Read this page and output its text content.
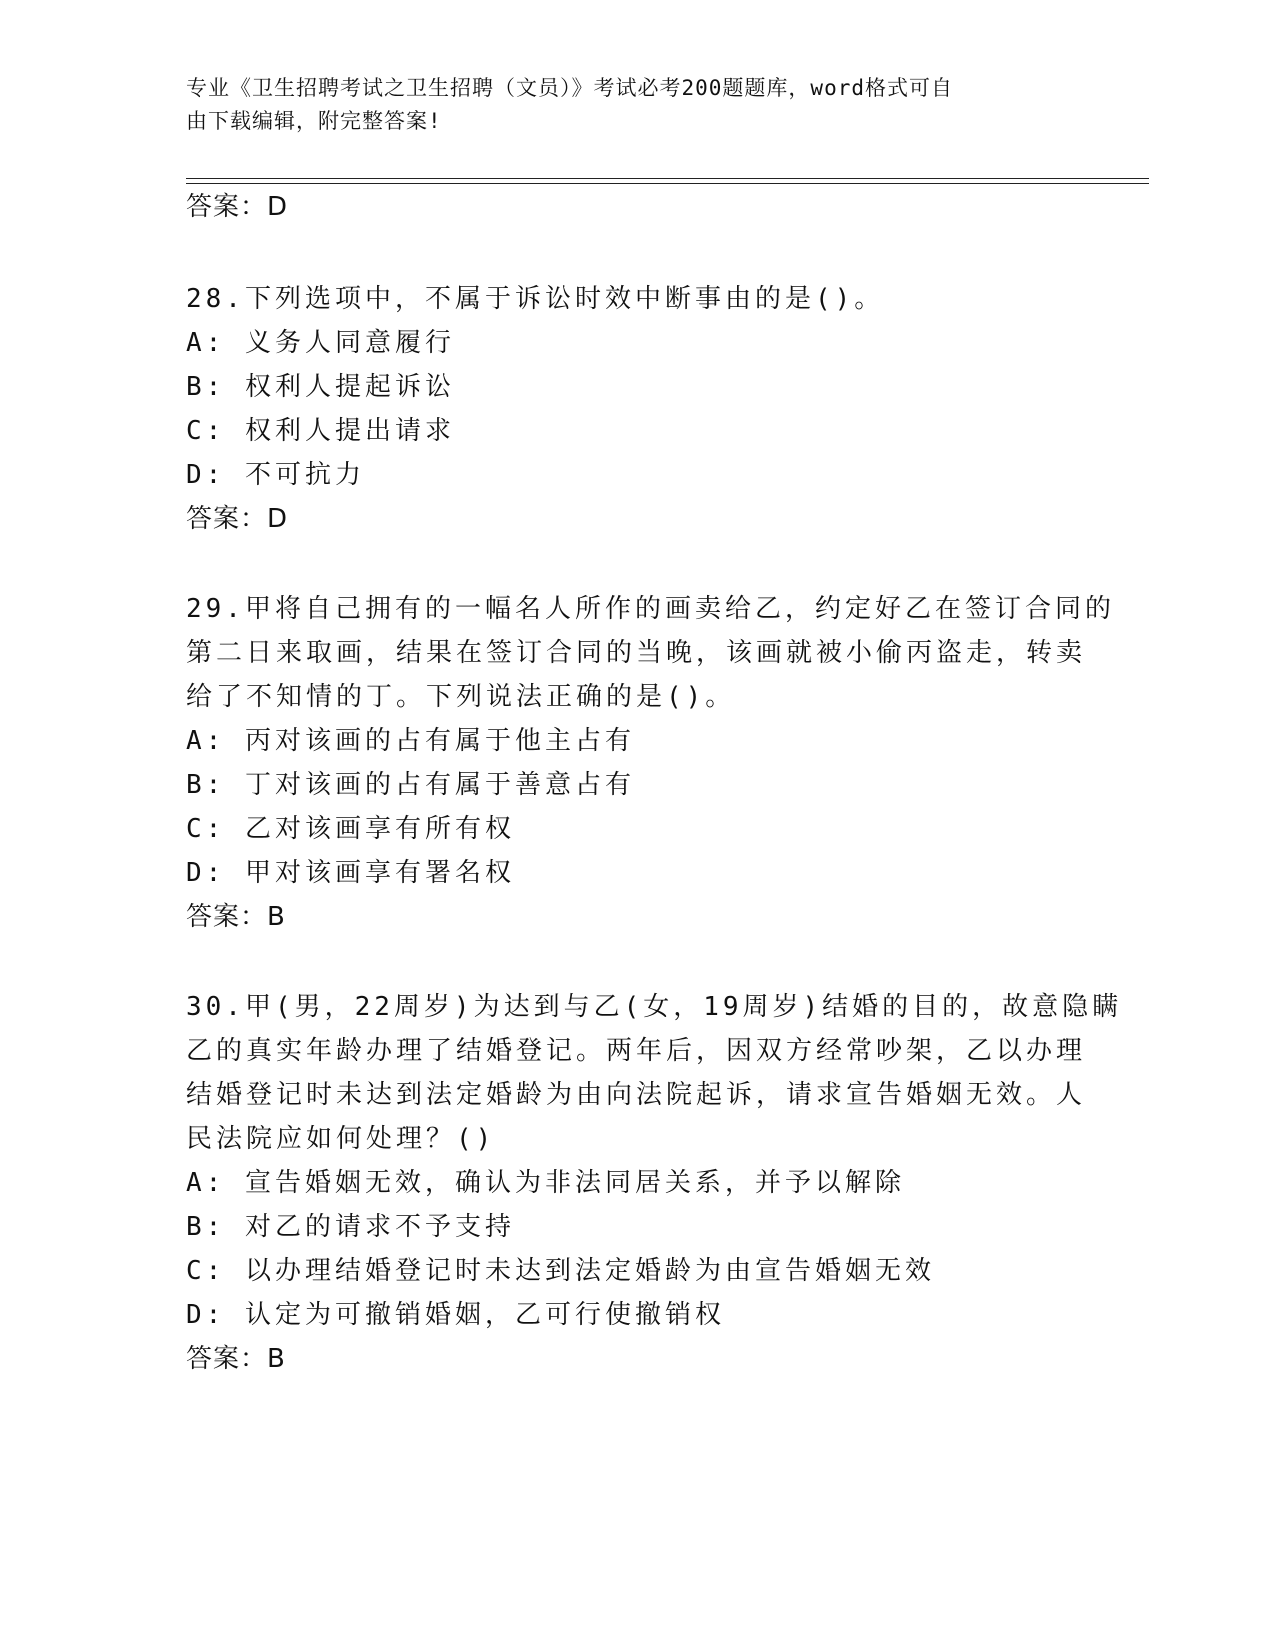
专业《卫生招聘考试之卫生招聘（文员）》考试必考200题题库，word格式可自
由下载编辑，附完整答案!
答案：D
28.下列选项中，不属于诉讼时效中断事由的是()。
A: 义务人同意履行
B: 权利人提起诉讼
C: 权利人提出请求
D: 不可抗力
答案：D
29.甲将自己拥有的一幅名人所作的画卖给乙，约定好乙在签订合同的
第二日来取画，结果在签订合同的当晚，该画就被小偷丙盗走，转卖
给了不知情的丁。下列说法正确的是()。
A: 丙对该画的占有属于他主占有
B: 丁对该画的占有属于善意占有
C: 乙对该画享有所有权
D: 甲对该画享有署名权
答案：B
30.甲(男，22周岁)为达到与乙(女，19周岁)结婚的目的，故意隐瞒
乙的真实年龄办理了结婚登记。两年后，因双方经常吵架，乙以办理
结婚登记时未达到法定婚龄为由向法院起诉，请求宣告婚姻无效。人
民法院应如何处理？()
A: 宣告婚姻无效，确认为非法同居关系，并予以解除
B: 对乙的请求不予支持
C: 以办理结婚登记时未达到法定婚龄为由宣告婚姻无效
D: 认定为可撤销婚姻，乙可行使撤销权
答案：B
